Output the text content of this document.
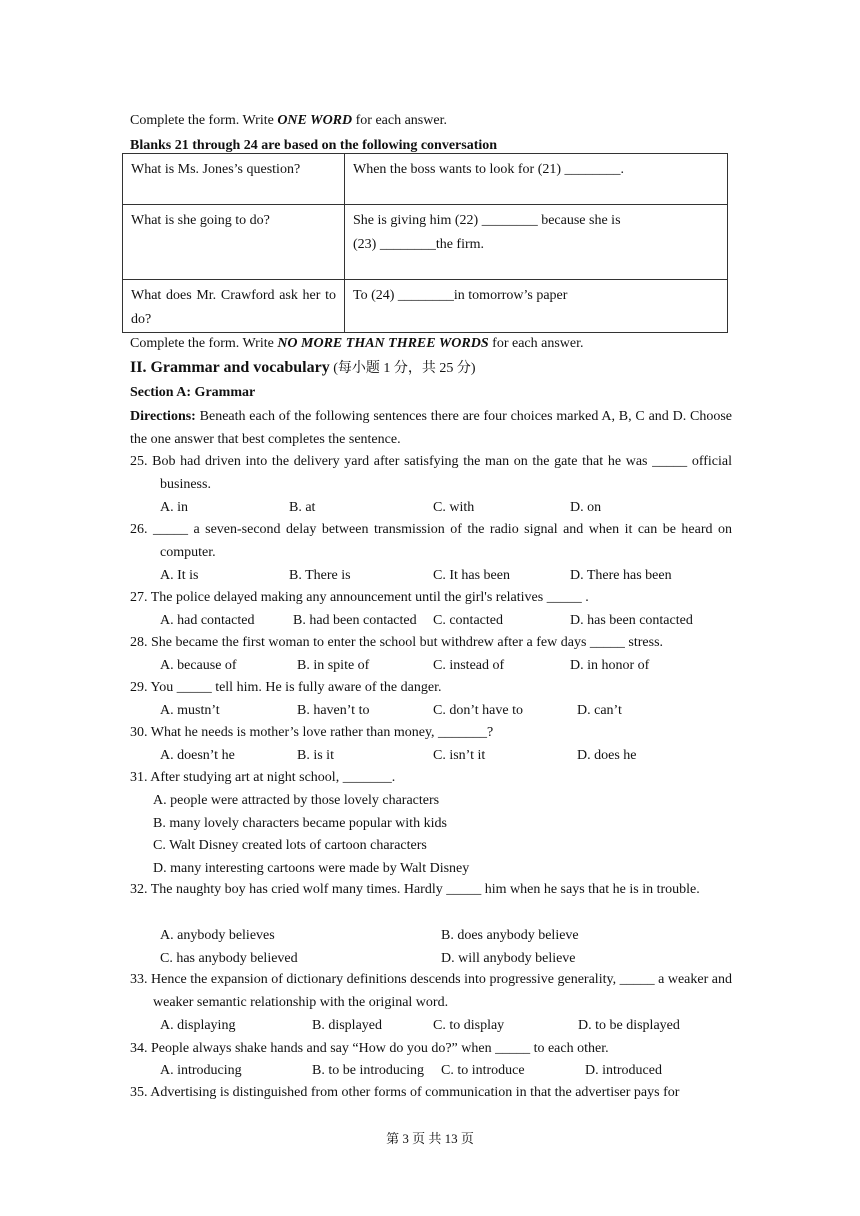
Complete the form. Write ONE WORD for each answer.
Blanks 21 through 24 are based on the following conversation
What is Ms. Jones’s question?	When the boss wants to look for (21) ________.
What is she going to do?	She is giving him (22) ________ because she is
(23) ________the firm.

What does Mr. Crawford ask her to do?	To (24) ________in tomorrow’s paper
Complete the form. Write NO MORE THAN THREE WORDS for each answer.
II. Grammar and vocabulary (每小题 1 分，共 25 分)
Section A: Grammar
Directions: Beneath each of the following sentences there are four choices marked A, B, C and D. Choose the one answer that best completes the sentence.
25. Bob had driven into the delivery yard after satisfying the man on the gate that he was _____ official business.
A. in	B. at	C. with	D. on
26. _____ a seven-second delay between transmission of the radio signal and when it can be heard on computer.
A. It is	B. There is	C. It has been	D. There has been
27. The police delayed making any announcement until the girl's relatives _____ .
A. had contacted	B. had been contacted C. contacted	D. has been contacted
28. She became the first woman to enter the school but withdrew after a few days _____ stress.
A. because of	B. in spite of	C. instead of	D. in honor of
29. You _____ tell him. He is fully aware of the danger.
A. mustn’t	B. haven’t to	C. don’t have to	D. can’t
30. What he needs is mother’s love rather than money, _______?
A. doesn’t he	B. is it	C. isn’t it	D. does he
31. After studying art at night school, _______.
A. people were attracted by those lovely characters
B. many lovely characters became popular with kids
C. Walt Disney created lots of cartoon characters
D. many interesting cartoons were made by Walt Disney
32. The naughty boy has cried wolf many times. Hardly _____ him when he says that he is in trouble.
A. anybody believes	B. does anybody believe
C. has anybody believed	D. will anybody believe
33. Hence the expansion of dictionary definitions descends into progressive generality, _____ a weaker and weaker semantic relationship with the original word.
A. displaying	B. displayed	C. to display	D. to be displayed
34. People always shake hands and say “How do you do?” when _____ to each other.
A. introducing	B. to be introducing C. to introduce	D. introduced
35. Advertising is distinguished from other forms of communication in that the advertiser pays for
第 3 页 共 13 页
